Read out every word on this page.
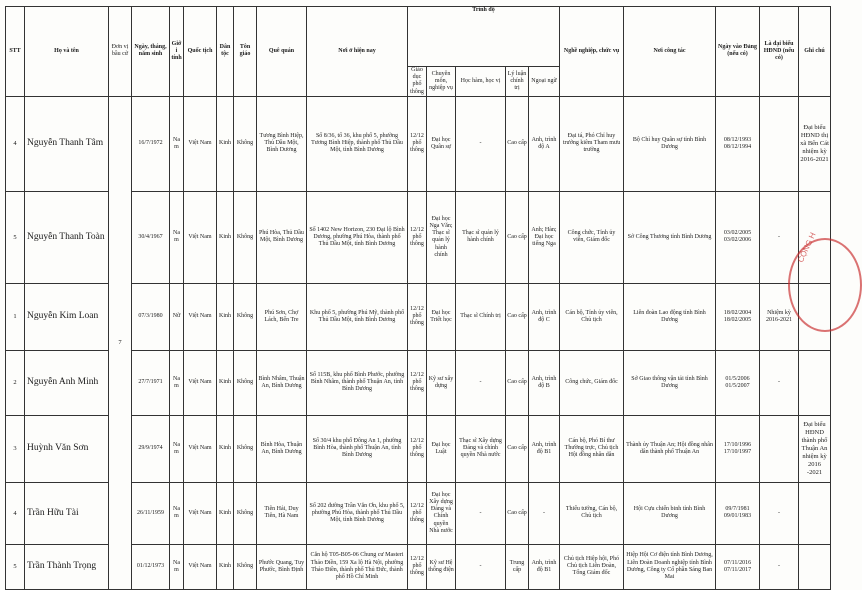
STT	Họ và tên	Đơn vị bầu cử	Ngày, tháng, năm sinh	Giới tính	Quốc tịch	Dân tộc	Tôn giáo	Quê quán	Nơi ở hiện nay	Trình độ					Nghề nghiệp, chức vụ	Nơi công tác	Ngày vào Đảng (nếu có)	Là đại biểu HĐND (nếu có)	Ghi chú
										Giáo dục phổ thông	Chuyên môn, nghiệp vụ	Học hàm, học vị	Lý luận chính trị	Ngoại ngữ					
4	Nguyễn Thanh Tâm	7	16/7/1972	Nam	Việt Nam	Kinh	Không	Tương Bình Hiệp, Thủ Dầu Một, Bình Dương	Số 8/36, tổ 36, khu phố 5, phường Tương Bình Hiệp, thành phố Thủ Dầu Một, tỉnh Bình Dương	12/12 phổ thông	Đại học Quân sự	-	Cao cấp	Anh, trình độ A	Đại tá, Phó Chỉ huy trưởng kiêm Tham mưu trưởng	Bộ Chỉ huy Quân sự tỉnh Bình Dương	08/12/1993 08/12/1994		Đại biểu HĐND thị xã Bến Cát nhiệm kỳ 2016-2021
5	Nguyễn Thanh Toàn		30/4/1967	Nam	Việt Nam	Kinh	Không	Phú Hòa, Thủ Dầu Một, Bình Dương	Số 1402 New Horizon, 230 Đại lộ Bình Dương, phường Phú Hòa, thành phố Thủ Dầu Một, tỉnh Bình Dương	12/12 phổ thông	Đại học Nga Văn; Thạc sĩ quản lý hành chính	Thạc sĩ quản lý hành chính	Cao cấp	Anh; Hàn; Đại học tiếng Nga	Công chức, Tỉnh ủy viên, Giám đốc	Sở Công Thương tỉnh Bình Dương	03/02/2005 03/02/2006	-	
1	Nguyễn Kim Loan		07/3/1980	Nữ	Việt Nam	Kinh	Không	Phú Sơn, Chợ Lách, Bến Tre	Khu phố 5, phường Phú Mỹ, thành phố Thủ Dầu Một, tỉnh Bình Dương	12/12 phổ thông	Đại học Triết học	Thạc sĩ Chính trị	Cao cấp	Anh, trình độ C	Cán bộ, Tỉnh ủy viên, Chủ tịch	Liên đoàn Lao động tỉnh Bình Dương	18/02/2004 18/02/2005	Nhiệm kỳ 2016-2021	
2	Nguyễn Anh Minh		27/7/1971	Nam	Việt Nam	Kinh	Không	Bình Nhâm, Thuận An, Bình Dương	Số 115B, khu phố Bình Phước, phường Bình Nhâm, thành phố Thuận An, tỉnh Bình Dương	12/12 phổ thông	Kỹ sư xây dựng	-	Cao cấp	Anh, trình độ B	Công chức, Giám đốc	Sở Giao thông vận tải tỉnh Bình Dương	01/5/2006 01/5/2007	-	
3	Huỳnh Văn Sơn		29/9/1974	Nam	Việt Nam	Kinh	Không	Bình Hòa, Thuận An, Bình Dương	Số 30/4 khu phố Đông An 1, phường Bình Hòa, thành phố Thuận An, tỉnh Bình Dương	12/12 phổ thông	Đại học Luật	Thạc sĩ Xây dựng Đảng và chính quyền Nhà nước	Cao cấp	Anh, trình độ B1	Cán bộ, Phó Bí thư Thường trực, Chủ tịch Hội đồng nhân dân	Thành ủy Thuận An; Hội đồng nhân dân thành phố Thuận An	17/10/1996 17/10/1997		Đại biểu HĐND thành phố Thuận An nhiệm kỳ 2016 -2021
4	Trần Hữu Tài		26/11/1959	Nam	Việt Nam	Kinh	Không	Tiên Hải, Duy Tiên, Hà Nam	Số 202 đường Trần Văn Ơn, khu phố 5, phường Phú Hòa, thành phố Thủ Dầu Một, tỉnh Bình Dương	12/12 phổ thông	Đại học Xây dựng Đảng và Chính quyền Nhà nước	-	Cao cấp	-	Thiếu tướng, Cán bộ, Chủ tịch	Hội Cựu chiến binh tỉnh Bình Dương	09/7/1981 09/01/1983	-	
5	Trần Thành Trọng		01/12/1973	Nam	Việt Nam	Kinh	Không	Phước Quang, Tuy Phước, Bình Định	Căn hộ T05-B05-06 Chung cư Masteri Thảo Điền, 159 Xa lộ Hà Nội, phường Thảo Điền, thành phố Thủ Đức, thành phố Hồ Chí Minh	12/12 phổ thông	Kỹ sư Hệ thống điện	-	Trung cấp	Anh, trình độ B1	Chủ tịch Hiệp hội, Phó Chủ tịch Liên Đoàn, Tổng Giám đốc	Hiệp Hội Cơ điện tỉnh Bình Dương, Liên Đoàn Doanh nghiệp tỉnh Bình Dương, Công ty Cổ phần Sáng Ban Mai	07/11/2016 07/11/2017	-	
CỘNG H
